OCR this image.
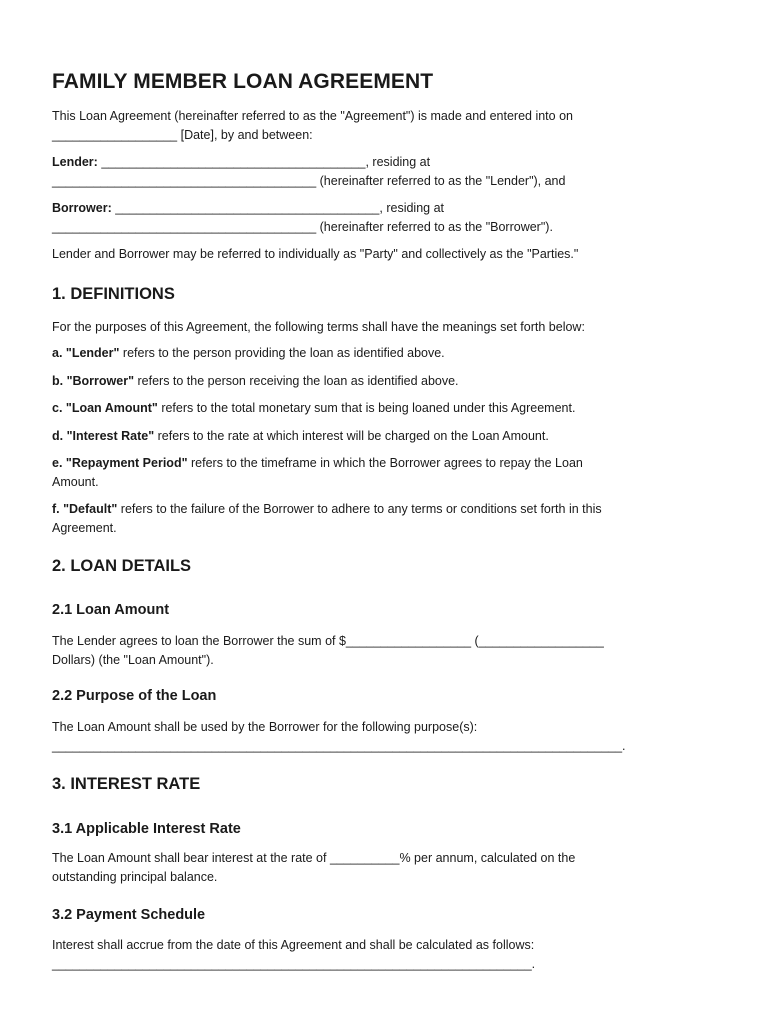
FAMILY MEMBER LOAN AGREEMENT

This Loan Agreement (hereinafter referred to as the "Agreement") is made and entered into on
__________________ [Date], by and between:

Lender: ______________________________________, residing at
______________________________________ (hereinafter referred to as the "Lender"), and

Borrower: ______________________________________, residing at
______________________________________ (hereinafter referred to as the "Borrower").

Lender and Borrower may be referred to individually as "Party" and collectively as the "Parties."

1. DEFINITIONS

For the purposes of this Agreement, the following terms shall have the meanings set forth below:

a. "Lender" refers to the person providing the loan as identified above.

b. "Borrower" refers to the person receiving the loan as identified above.

c. "Loan Amount" refers to the total monetary sum that is being loaned under this Agreement.

d. "Interest Rate" refers to the rate at which interest will be charged on the Loan Amount.

e. "Repayment Period" refers to the timeframe in which the Borrower agrees to repay the Loan
Amount.

f. "Default" refers to the failure of the Borrower to adhere to any terms or conditions set forth in this
Agreement.

2. LOAN DETAILS
2.1 Loan Amount

The Lender agrees to loan the Borrower the sum of $__________________ (__________________
Dollars) (the "Loan Amount").

2.2 Purpose of the Loan

The Loan Amount shall be used by the Borrower for the following purpose(s):
__________________________________________________________________________________.

3. INTEREST RATE
3.1 Applicable Interest Rate

The Loan Amount shall bear interest at the rate of __________% per annum, calculated on the
outstanding principal balance.

3.2 Payment Schedule

Interest shall accrue from the date of this Agreement and shall be calculated as follows:
_____________________________________________________________________.
